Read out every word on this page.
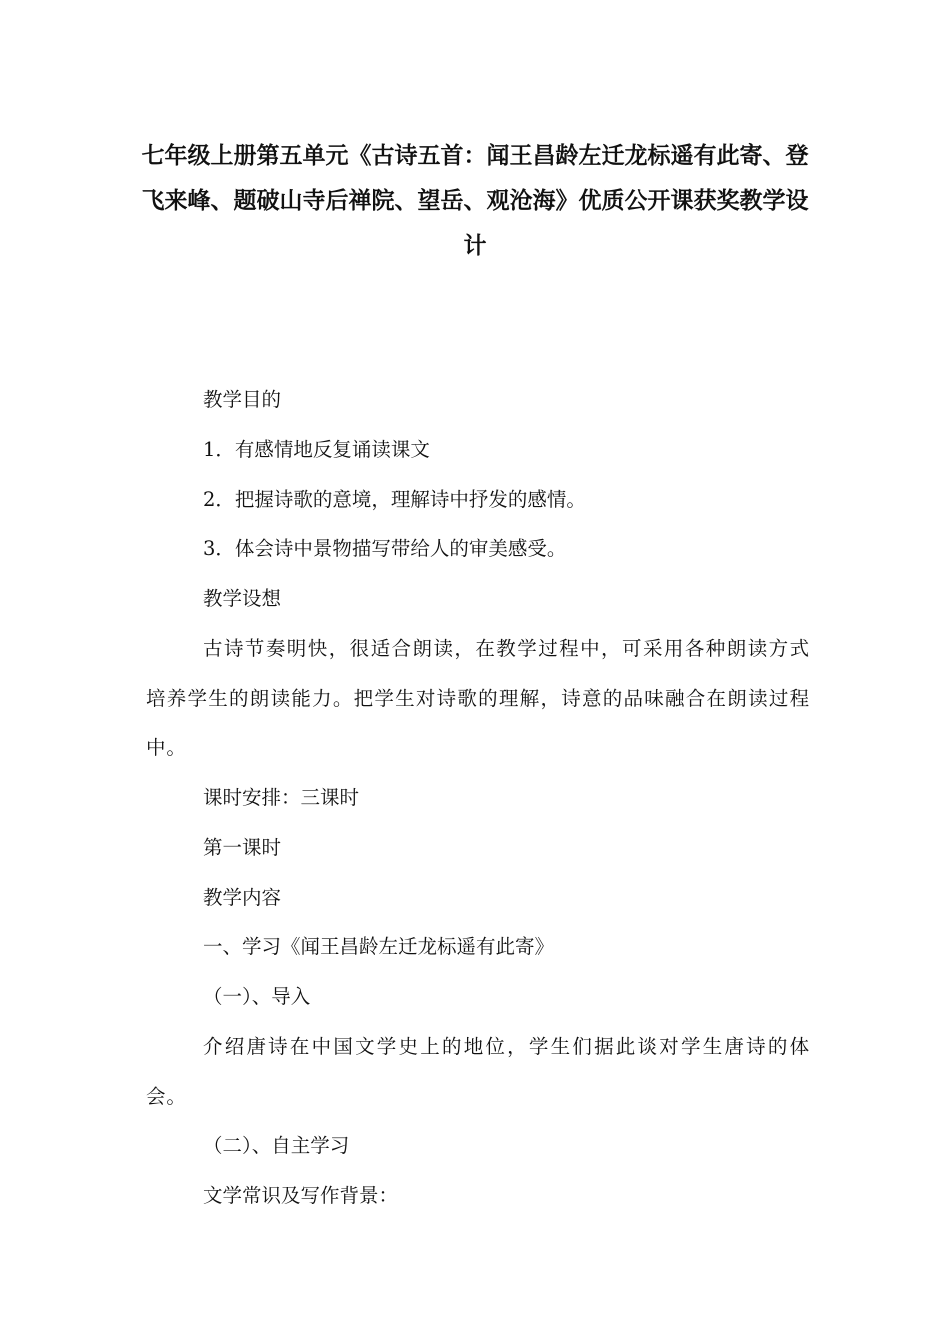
七年级上册第五单元《古诗五首：闻王昌龄左迁龙标遥有此寄、登飞来峰、题破山寺后禅院、望岳、观沧海》优质公开课获奖教学设计

教学目的

1．有感情地反复诵读课文

2．把握诗歌的意境，理解诗中抒发的感情。

3．体会诗中景物描写带给人的审美感受。

教学设想

古诗节奏明快，很适合朗读，在教学过程中，可采用各种朗读方式培养学生的朗读能力。把学生对诗歌的理解，诗意的品味融合在朗读过程中。

课时安排：三课时

第一课时

教学内容

一、学习《闻王昌龄左迁龙标遥有此寄》

（一）、导入

介绍唐诗在中国文学史上的地位，学生们据此谈对学生唐诗的体会。

（二）、自主学习

文学常识及写作背景：
